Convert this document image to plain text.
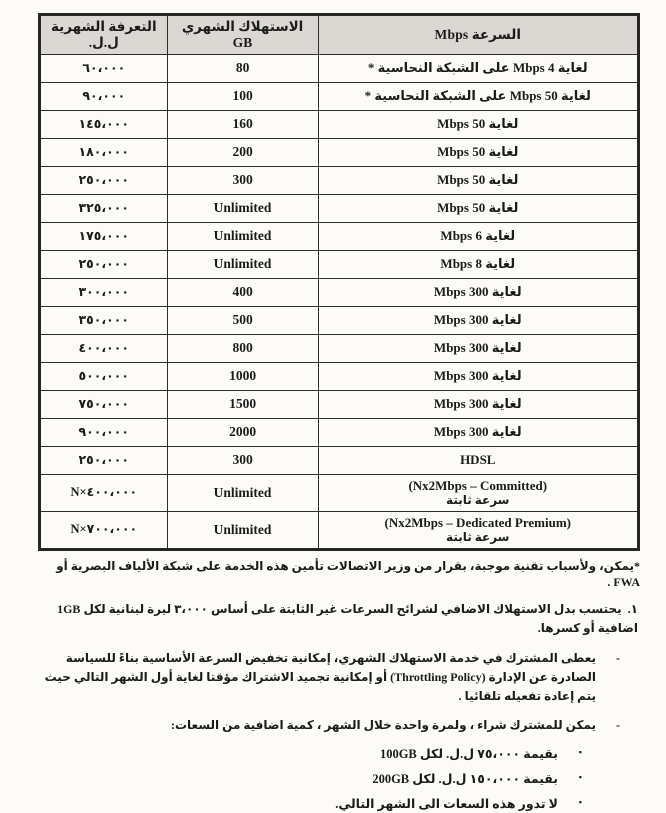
السرعة Mbps	الاستهلاك الشهري GB	التعرفة الشهرية ل.ل.
لغاية 4 Mbps على الشبكة النحاسية *	80	٦٠،٠٠٠
لغاية 50 Mbps على الشبكة النحاسية *	100	٩٠،٠٠٠
لغاية 50 Mbps	160	١٤٥،٠٠٠
لغاية 50 Mbps	200	١٨٠،٠٠٠
لغاية 50 Mbps	300	٢٥٠،٠٠٠
لغاية 50 Mbps	Unlimited	٣٢٥،٠٠٠
لغاية 6 Mbps	Unlimited	١٧٥،٠٠٠
لغاية 8 Mbps	Unlimited	٢٥٠،٠٠٠
لغاية 300 Mbps	400	٣٠٠،٠٠٠
لغاية 300 Mbps	500	٣٥٠،٠٠٠
لغاية 300 Mbps	800	٤٠٠،٠٠٠
لغاية 300 Mbps	1000	٥٠٠،٠٠٠
لغاية 300 Mbps	1500	٧٥٠،٠٠٠
لغاية 300 Mbps	2000	٩٠٠،٠٠٠
HDSL	300	٢٥٠،٠٠٠
(Nx2Mbps – Committed)
سرعة ثابتة	Unlimited	N×٤٠٠،٠٠٠
(Nx2Mbps – Dedicated Premium)
سرعة ثابتة	Unlimited	N×٧٠٠،٠٠٠

*يمكن، ولأسباب تقنية موجبة، بقرار من وزير الاتصالات تأمين هذه الخدمة على شبكة الألياف البصرية أو FWA .

١.يحتسب بدل الاستهلاك الاضافي لشرائح السرعات غير الثابتة على أساس ٣،٠٠٠ ليرة لبنانية لكل 1GB اضافية أو كسرها.
-
يعطى المشترك في خدمة الاستهلاك الشهري، إمكانية تخفيض السرعة الأساسية بناءً للسياسة الصادرة عن الإدارة (Throttling Policy) أو إمكانية تجميد الاشتراك مؤقتا لغاية أول الشهر التالي حيث يتم إعادة تفعيله تلقائيا .
-
يمكن للمشترك شراء ، ولمرة واحدة خلال الشهر ، كمية اضافية من السعات:
▪
بقيمة ٧٥،٠٠٠ ل.ل. لكل 100GB
▪
بقيمة ١٥٠،٠٠٠ ل.ل. لكل 200GB
▪
لا تدور هذه السعات الى الشهر التالي.
